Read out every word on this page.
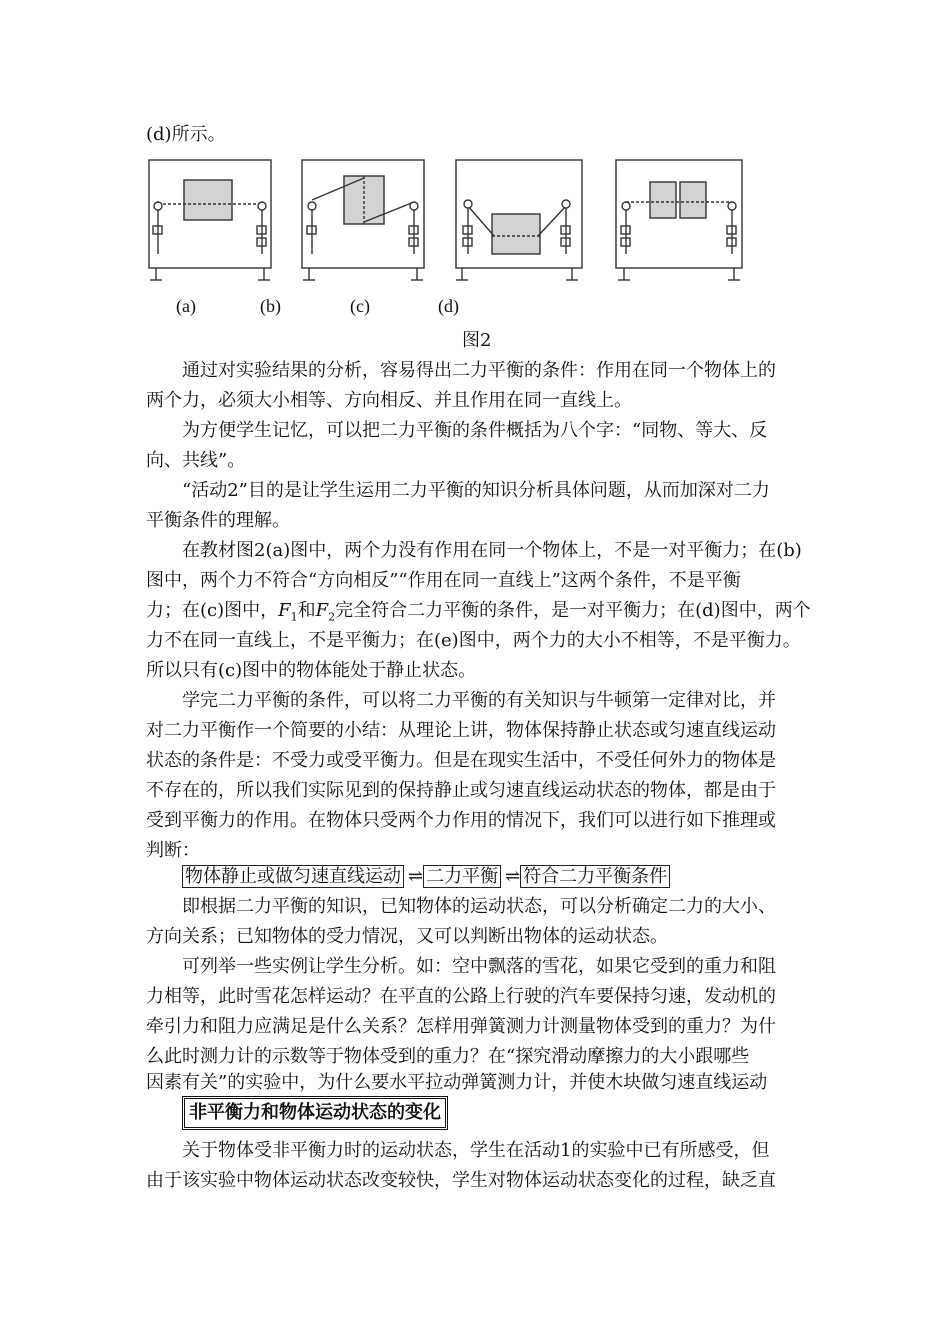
(d)所示。
(a)	(b)	(c)	(d)
图2
通过对实验结果的分析，容易得出二力平衡的条件：作用在同一个物体上的
两个力，必须大小相等、方向相反、并且作用在同一直线上。
为方便学生记忆，可以把二力平衡的条件概括为八个字：“同物、等大、反
向、共线”。
“活动2”目的是让学生运用二力平衡的知识分析具体问题，从而加深对二力
平衡条件的理解。
在教材图2(a)图中，两个力没有作用在同一个物体上，不是一对平衡力；在(b)
图中，两个力不符合“方向相反”“作用在同一直线上”这两个条件，不是平衡
力；在(c)图中，$F_1$和$F_2$完全符合二力平衡的条件，是一对平衡力；在(d)图中，两个
力不在同一直线上，不是平衡力；在(e)图中，两个力的大小不相等，不是平衡力。
所以只有(c)图中的物体能处于静止状态。
学完二力平衡的条件，可以将二力平衡的有关知识与牛顿第一定律对比，并
对二力平衡作一个简要的小结：从理论上讲，物体保持静止状态或匀速直线运动
状态的条件是：不受力或受平衡力。但是在现实生活中，不受任何外力的物体是
不存在的，所以我们实际见到的保持静止或匀速直线运动状态的物体，都是由于
受到平衡力的作用。在物体只受两个力作用的情况下，我们可以进行如下推理或
判断：
物体静止或做匀速直线运动 ⇌ 二力平衡 ⇌ 符合二力平衡条件
即根据二力平衡的知识，已知物体的运动状态，可以分析确定二力的大小、
方向关系；已知物体的受力情况，又可以判断出物体的运动状态。
可列举一些实例让学生分析。如：空中飘落的雪花，如果它受到的重力和阻
力相等，此时雪花怎样运动？在平直的公路上行驶的汽车要保持匀速，发动机的
牵引力和阻力应满足是什么关系？怎样用弹簧测力计测量物体受到的重力？为什
么此时测力计的示数等于物体受到的重力？在“探究滑动摩擦力的大小跟哪些
因素有关”的实验中，为什么要水平拉动弹簧测力计，并使木块做匀速直线运动
非平衡力和物体运动状态的变化
关于物体受非平衡力时的运动状态，学生在活动1的实验中已有所感受，但
由于该实验中物体运动状态改变较快，学生对物体运动状态变化的过程，缺乏直
